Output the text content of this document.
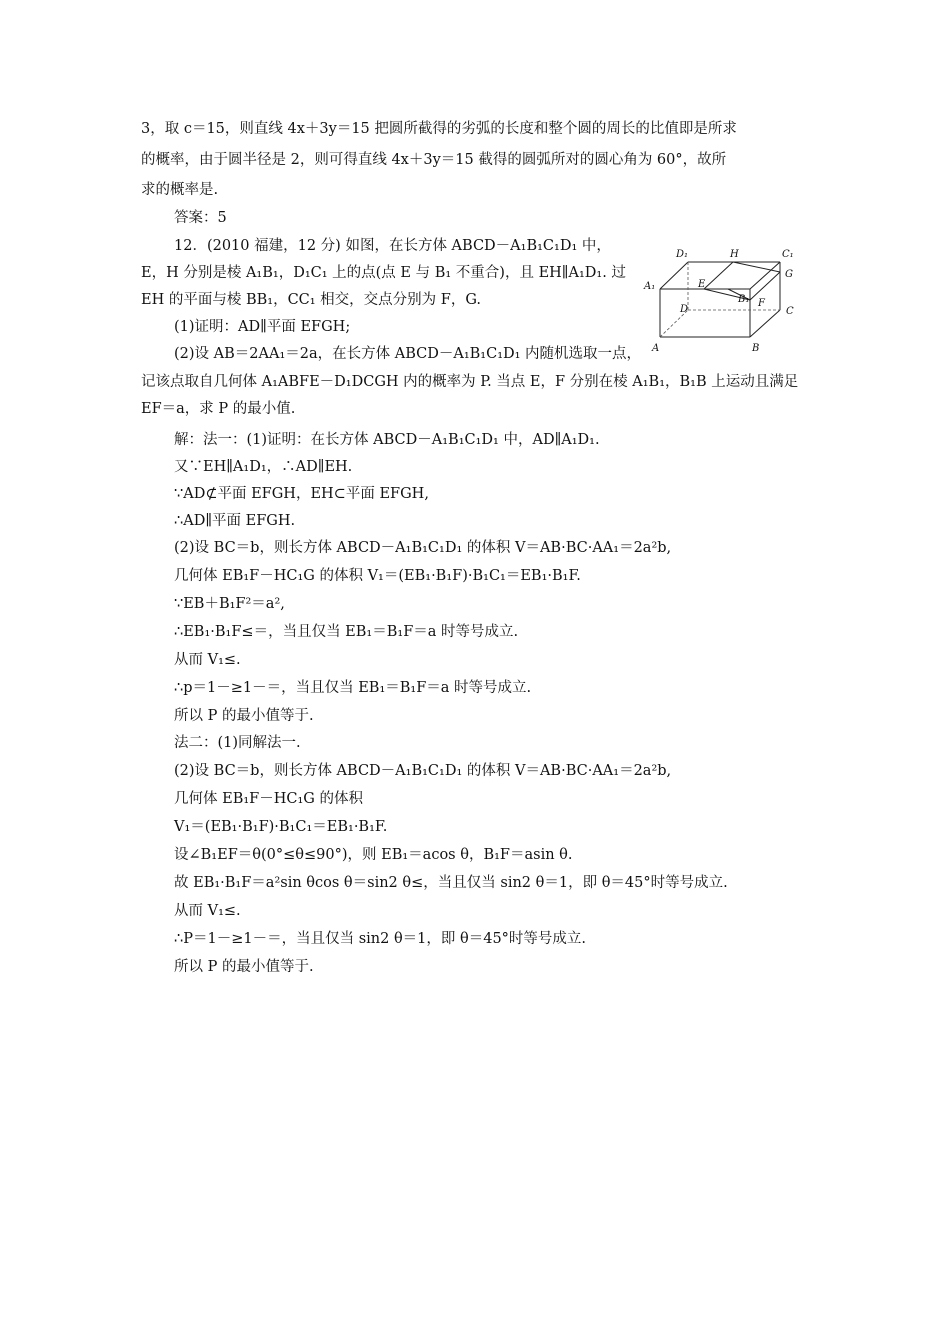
3，取 c＝15，则直线 4x＋3y＝15 把圆所截得的劣弧的长度和整个圆的周长的比值即是所求
的概率，由于圆半径是 2，则可得直线 4x＋3y＝15 截得的圆弧所对的圆心角为 60°，故所
求的概率是.
答案：5
12．(2010 福建，12 分) 如图，在长方体 ABCD－A₁B₁C₁D₁ 中，
E，H 分别是棱 A₁B₁，D₁C₁ 上的点(点 E 与 B₁ 不重合)，且 EH∥A₁D₁. 过
EH 的平面与棱 BB₁，CC₁ 相交，交点分别为 F，G.
(1)证明：AD∥平面 EFGH;
(2)设 AB＝2AA₁＝2a，在长方体 ABCD－A₁B₁C₁D₁ 内随机选取一点，
记该点取自几何体 A₁ABFE－D₁DCGH 内的概率为 P. 当点 E，F 分别在棱 A₁B₁，B₁B 上运动且满足
EF＝a，求 P 的最小值.
解：法一：(1)证明：在长方体 ABCD－A₁B₁C₁D₁ 中，AD∥A₁D₁.
又∵EH∥A₁D₁，∴AD∥EH.
∵AD⊄平面 EFGH，EH⊂平面 EFGH,
∴AD∥平面 EFGH.
(2)设 BC＝b，则长方体 ABCD－A₁B₁C₁D₁ 的体积 V＝AB·BC·AA₁＝2a²b,
几何体 EB₁F－HC₁G 的体积 V₁＝(EB₁·B₁F)·B₁C₁＝EB₁·B₁F.
∵EB＋B₁F²＝a²,
∴EB₁·B₁F≤＝，当且仅当 EB₁＝B₁F＝a 时等号成立.
从而 V₁≤.
∴p＝1－≥1－＝，当且仅当 EB₁＝B₁F＝a 时等号成立.
所以 P 的最小值等于.
法二：(1)同解法一.
(2)设 BC＝b，则长方体 ABCD－A₁B₁C₁D₁ 的体积 V＝AB·BC·AA₁＝2a²b,
几何体 EB₁F－HC₁G 的体积
V₁＝(EB₁·B₁F)·B₁C₁＝EB₁·B₁F.
设∠B₁EF＝θ(0°≤θ≤90°)，则 EB₁＝acos θ，B₁F＝asin θ.
故 EB₁·B₁F＝a²sin θcos θ＝sin2 θ≤，当且仅当 sin2 θ＝1，即 θ＝45°时等号成立.
从而 V₁≤.
∴P＝1－≥1－＝，当且仅当 sin2 θ＝1，即 θ＝45°时等号成立.
所以 P 的最小值等于.
D₁	H	C₁
G
A₁	E
B₁ F
D	C
A	B
